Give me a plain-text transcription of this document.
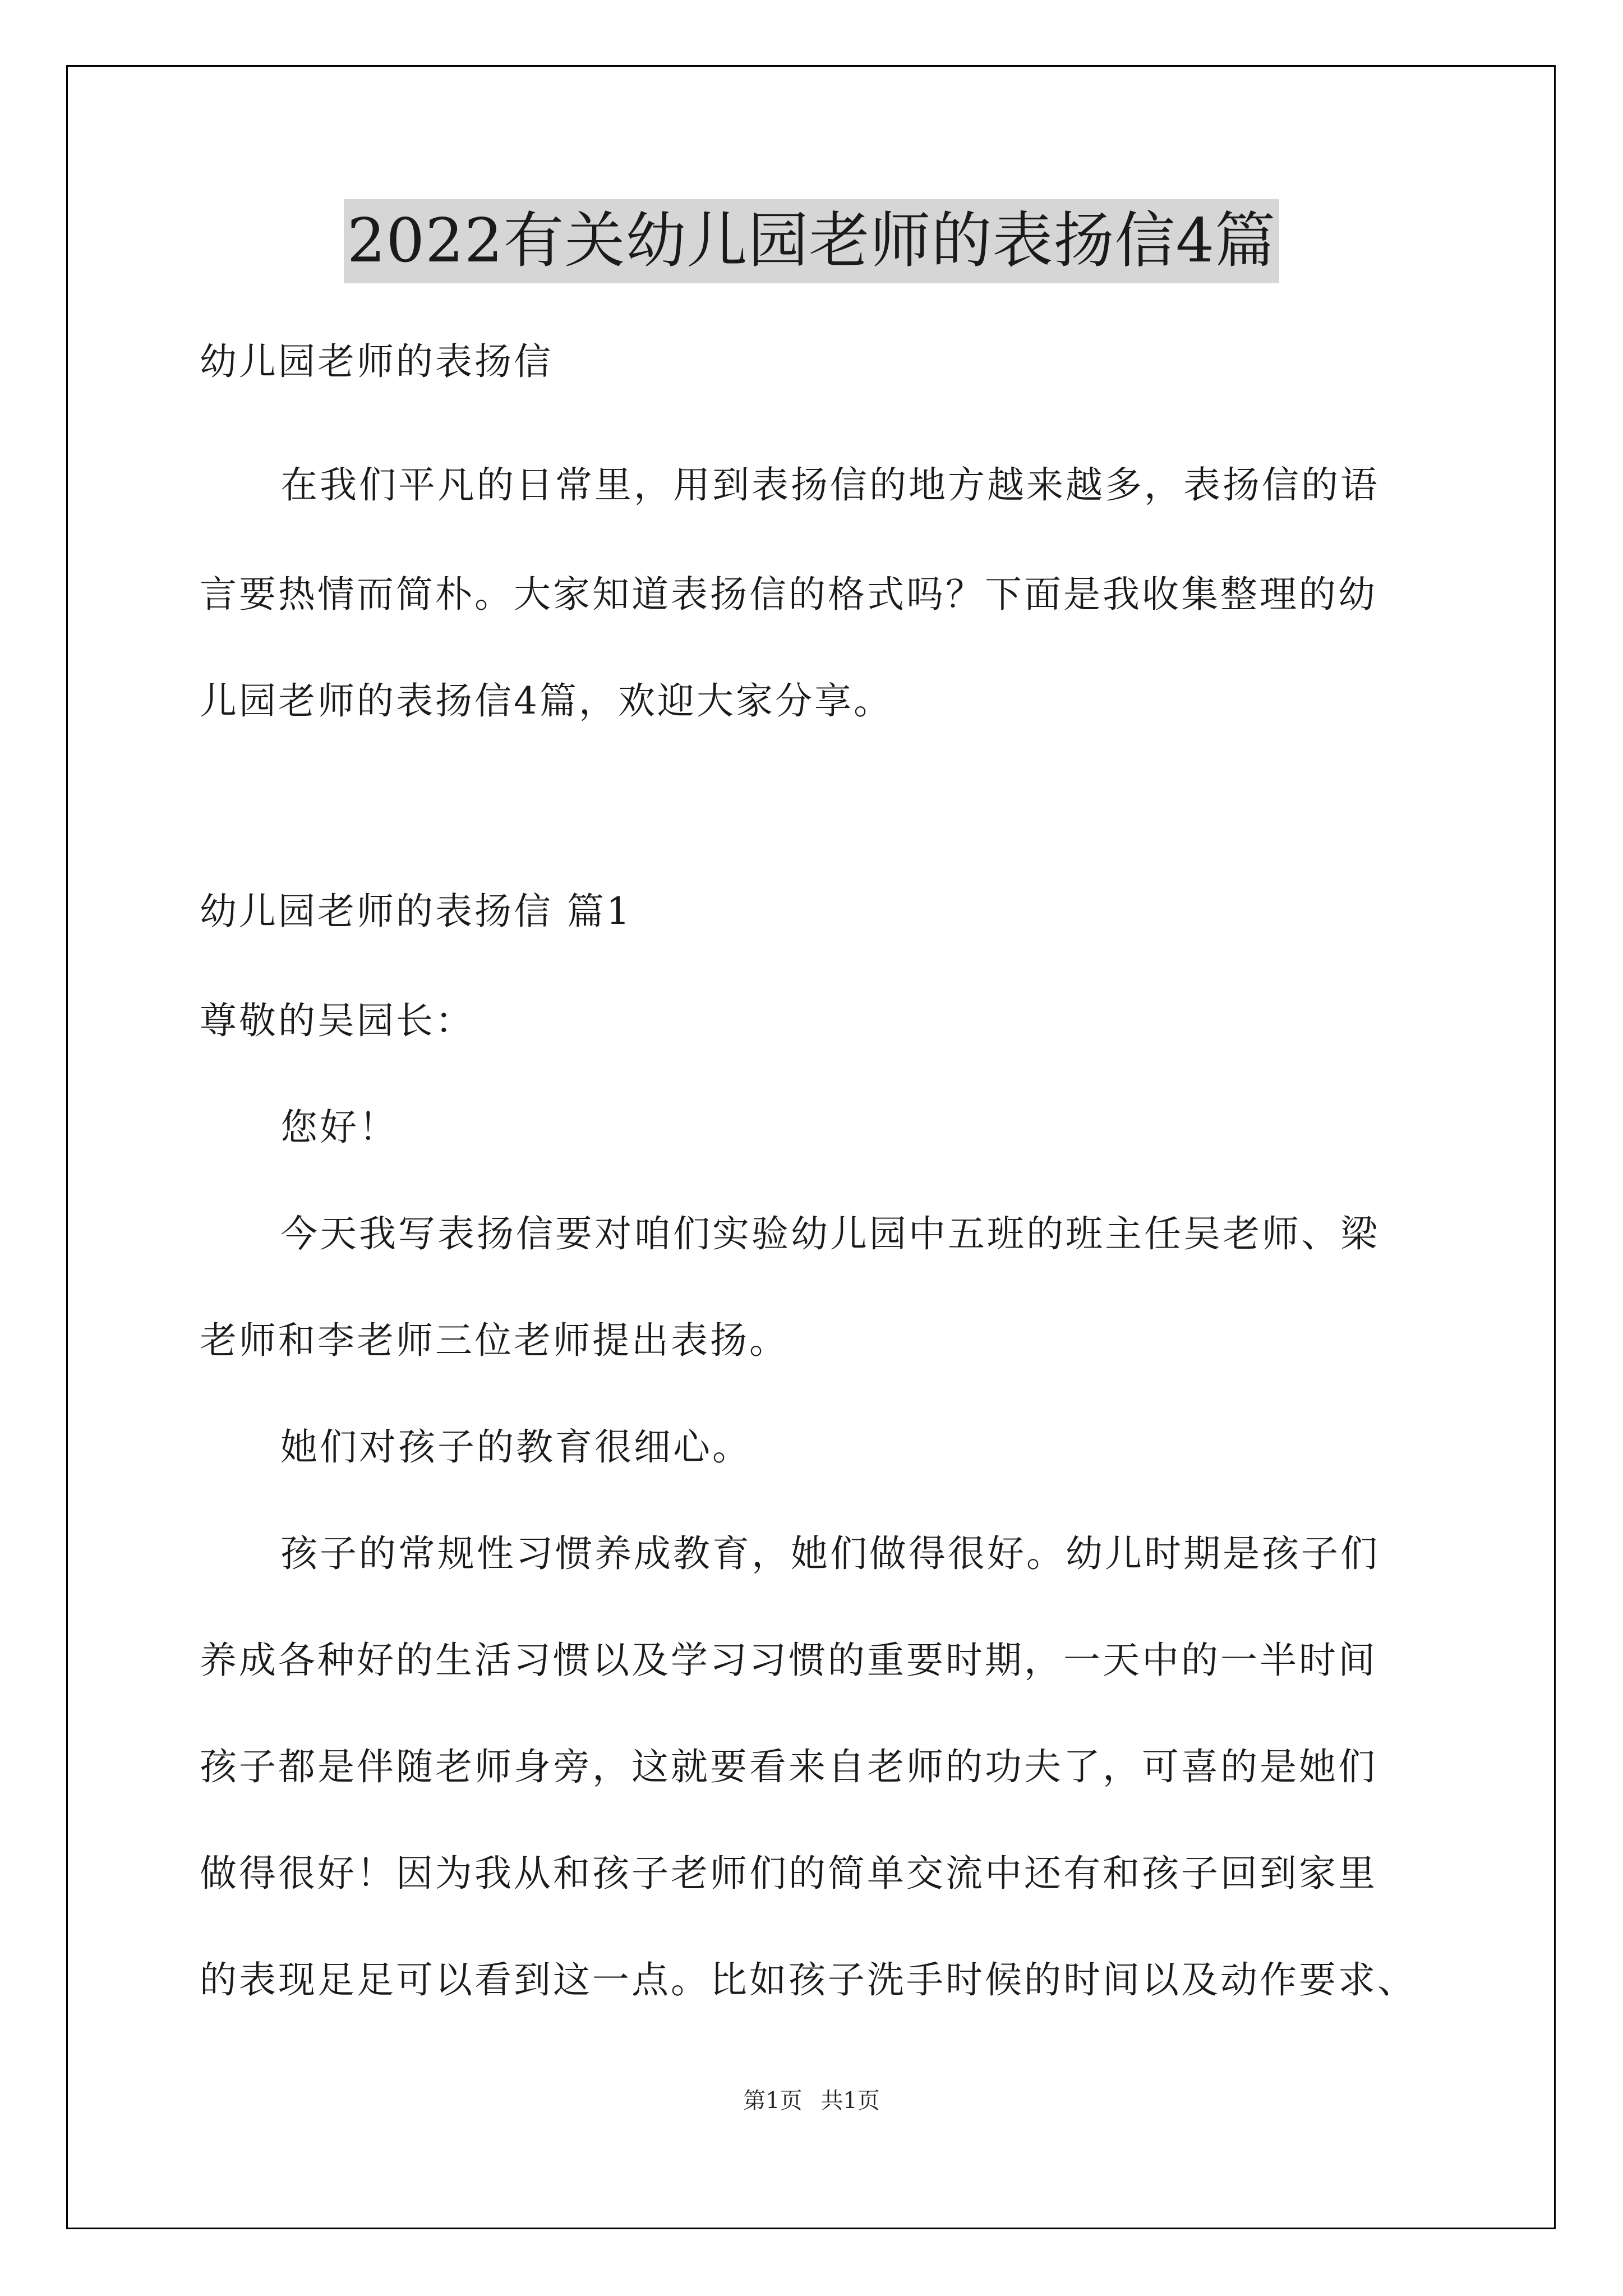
2022有关幼儿园老师的表扬信4篇
幼儿园老师的表扬信
在我们平凡的日常里，用到表扬信的地方越来越多，表扬信的语
言要热情而简朴。大家知道表扬信的格式吗？下面是我收集整理的幼
儿园老师的表扬信4篇，欢迎大家分享。
幼儿园老师的表扬信 篇1
尊敬的吴园长：
您好！
今天我写表扬信要对咱们实验幼儿园中五班的班主任吴老师、梁
老师和李老师三位老师提出表扬。
她们对孩子的教育很细心。
孩子的常规性习惯养成教育，她们做得很好。幼儿时期是孩子们
养成各种好的生活习惯以及学习习惯的重要时期，一天中的一半时间
孩子都是伴随老师身旁，这就要看来自老师的功夫了，可喜的是她们
做得很好！因为我从和孩子老师们的简单交流中还有和孩子回到家里
的表现足足可以看到这一点。比如孩子洗手时候的时间以及动作要求、
第1页 共1页
